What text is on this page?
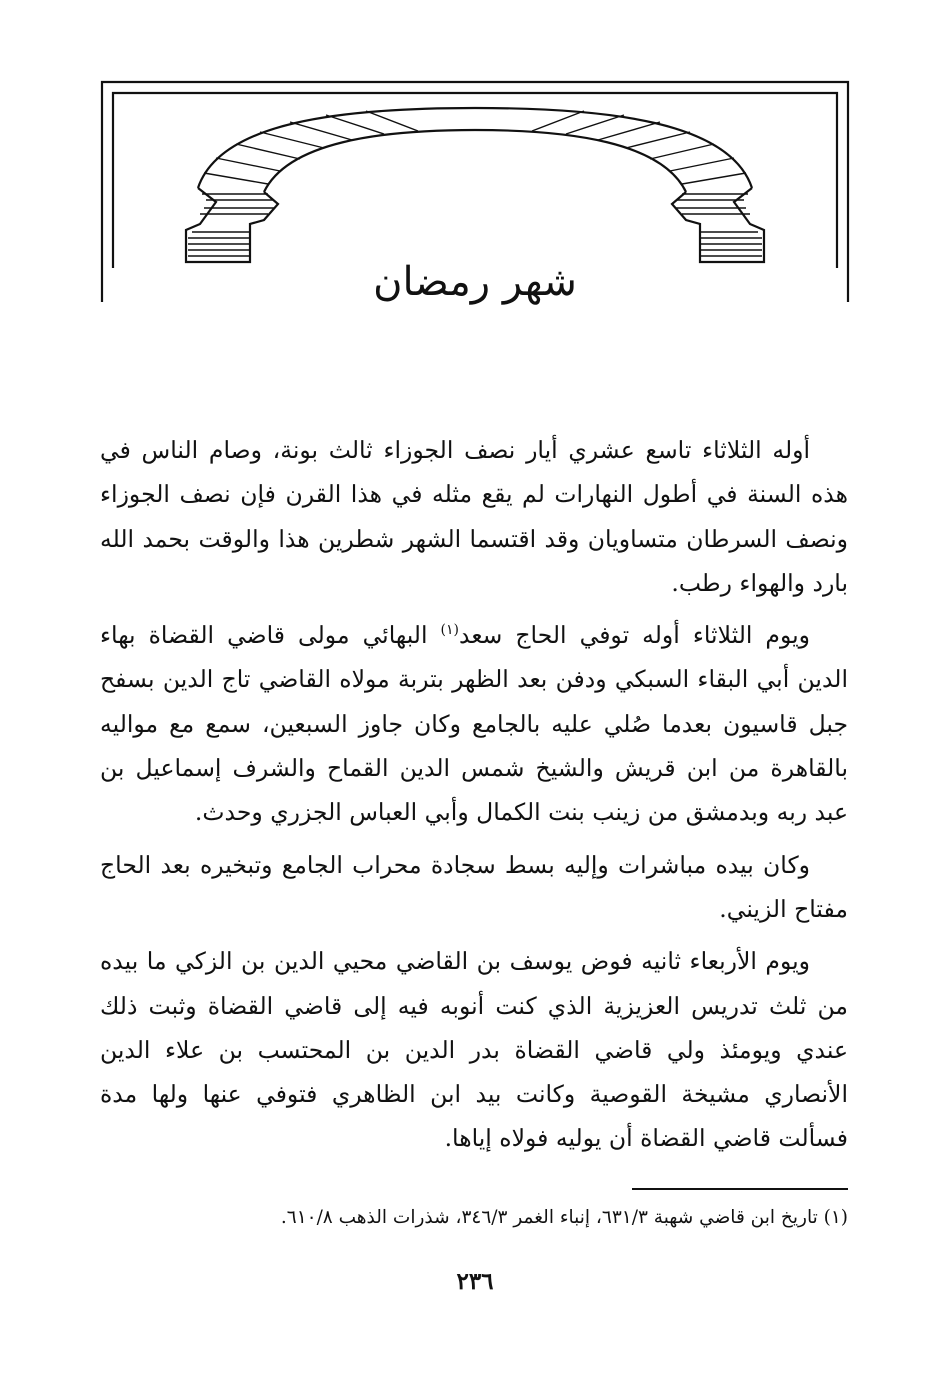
شهر رمضان

أوله الثلاثاء تاسع عشري أيار نصف الجوزاء ثالث بونة، وصام الناس في هذه السنة في أطول النهارات لم يقع مثله في هذا القرن فإن نصف الجوزاء ونصف السرطان متساويان وقد اقتسما الشهر شطرين هذا والوقت بحمد الله بارد والهواء رطب.

ويوم الثلاثاء أوله توفي الحاج سعد$^{(١)}$ البهائي مولى قاضي القضاة بهاء الدين أبي البقاء السبكي ودفن بعد الظهر بتربة مولاه القاضي تاج الدين بسفح جبل قاسيون بعدما صُلي عليه بالجامع وكان جاوز السبعين، سمع مع مواليه بالقاهرة من ابن قريش والشيخ شمس الدين القماح والشرف إسماعيل بن عبد ربه وبدمشق من زينب بنت الكمال وأبي العباس الجزري وحدث.

وكان بيده مباشرات وإليه بسط سجادة محراب الجامع وتبخيره بعد الحاج مفتاح الزيني.

ويوم الأربعاء ثانيه فوض يوسف بن القاضي محيي الدين بن الزكي ما بيده من ثلث تدريس العزيزية الذي كنت أنوبه فيه إلى قاضي القضاة وثبت ذلك عندي ويومئذ ولي قاضي القضاة بدر الدين بن المحتسب بن علاء الدين الأنصاري مشيخة القوصية وكانت بيد ابن الظاهري فتوفي عنها ولها مدة فسألت قاضي القضاة أن يوليه فولاه إياها.

(١) تاريخ ابن قاضي شهبة ٦٣١/٣، إنباء الغمر ٣٤٦/٣، شذرات الذهب ٦١٠/٨.
٢٣٦
